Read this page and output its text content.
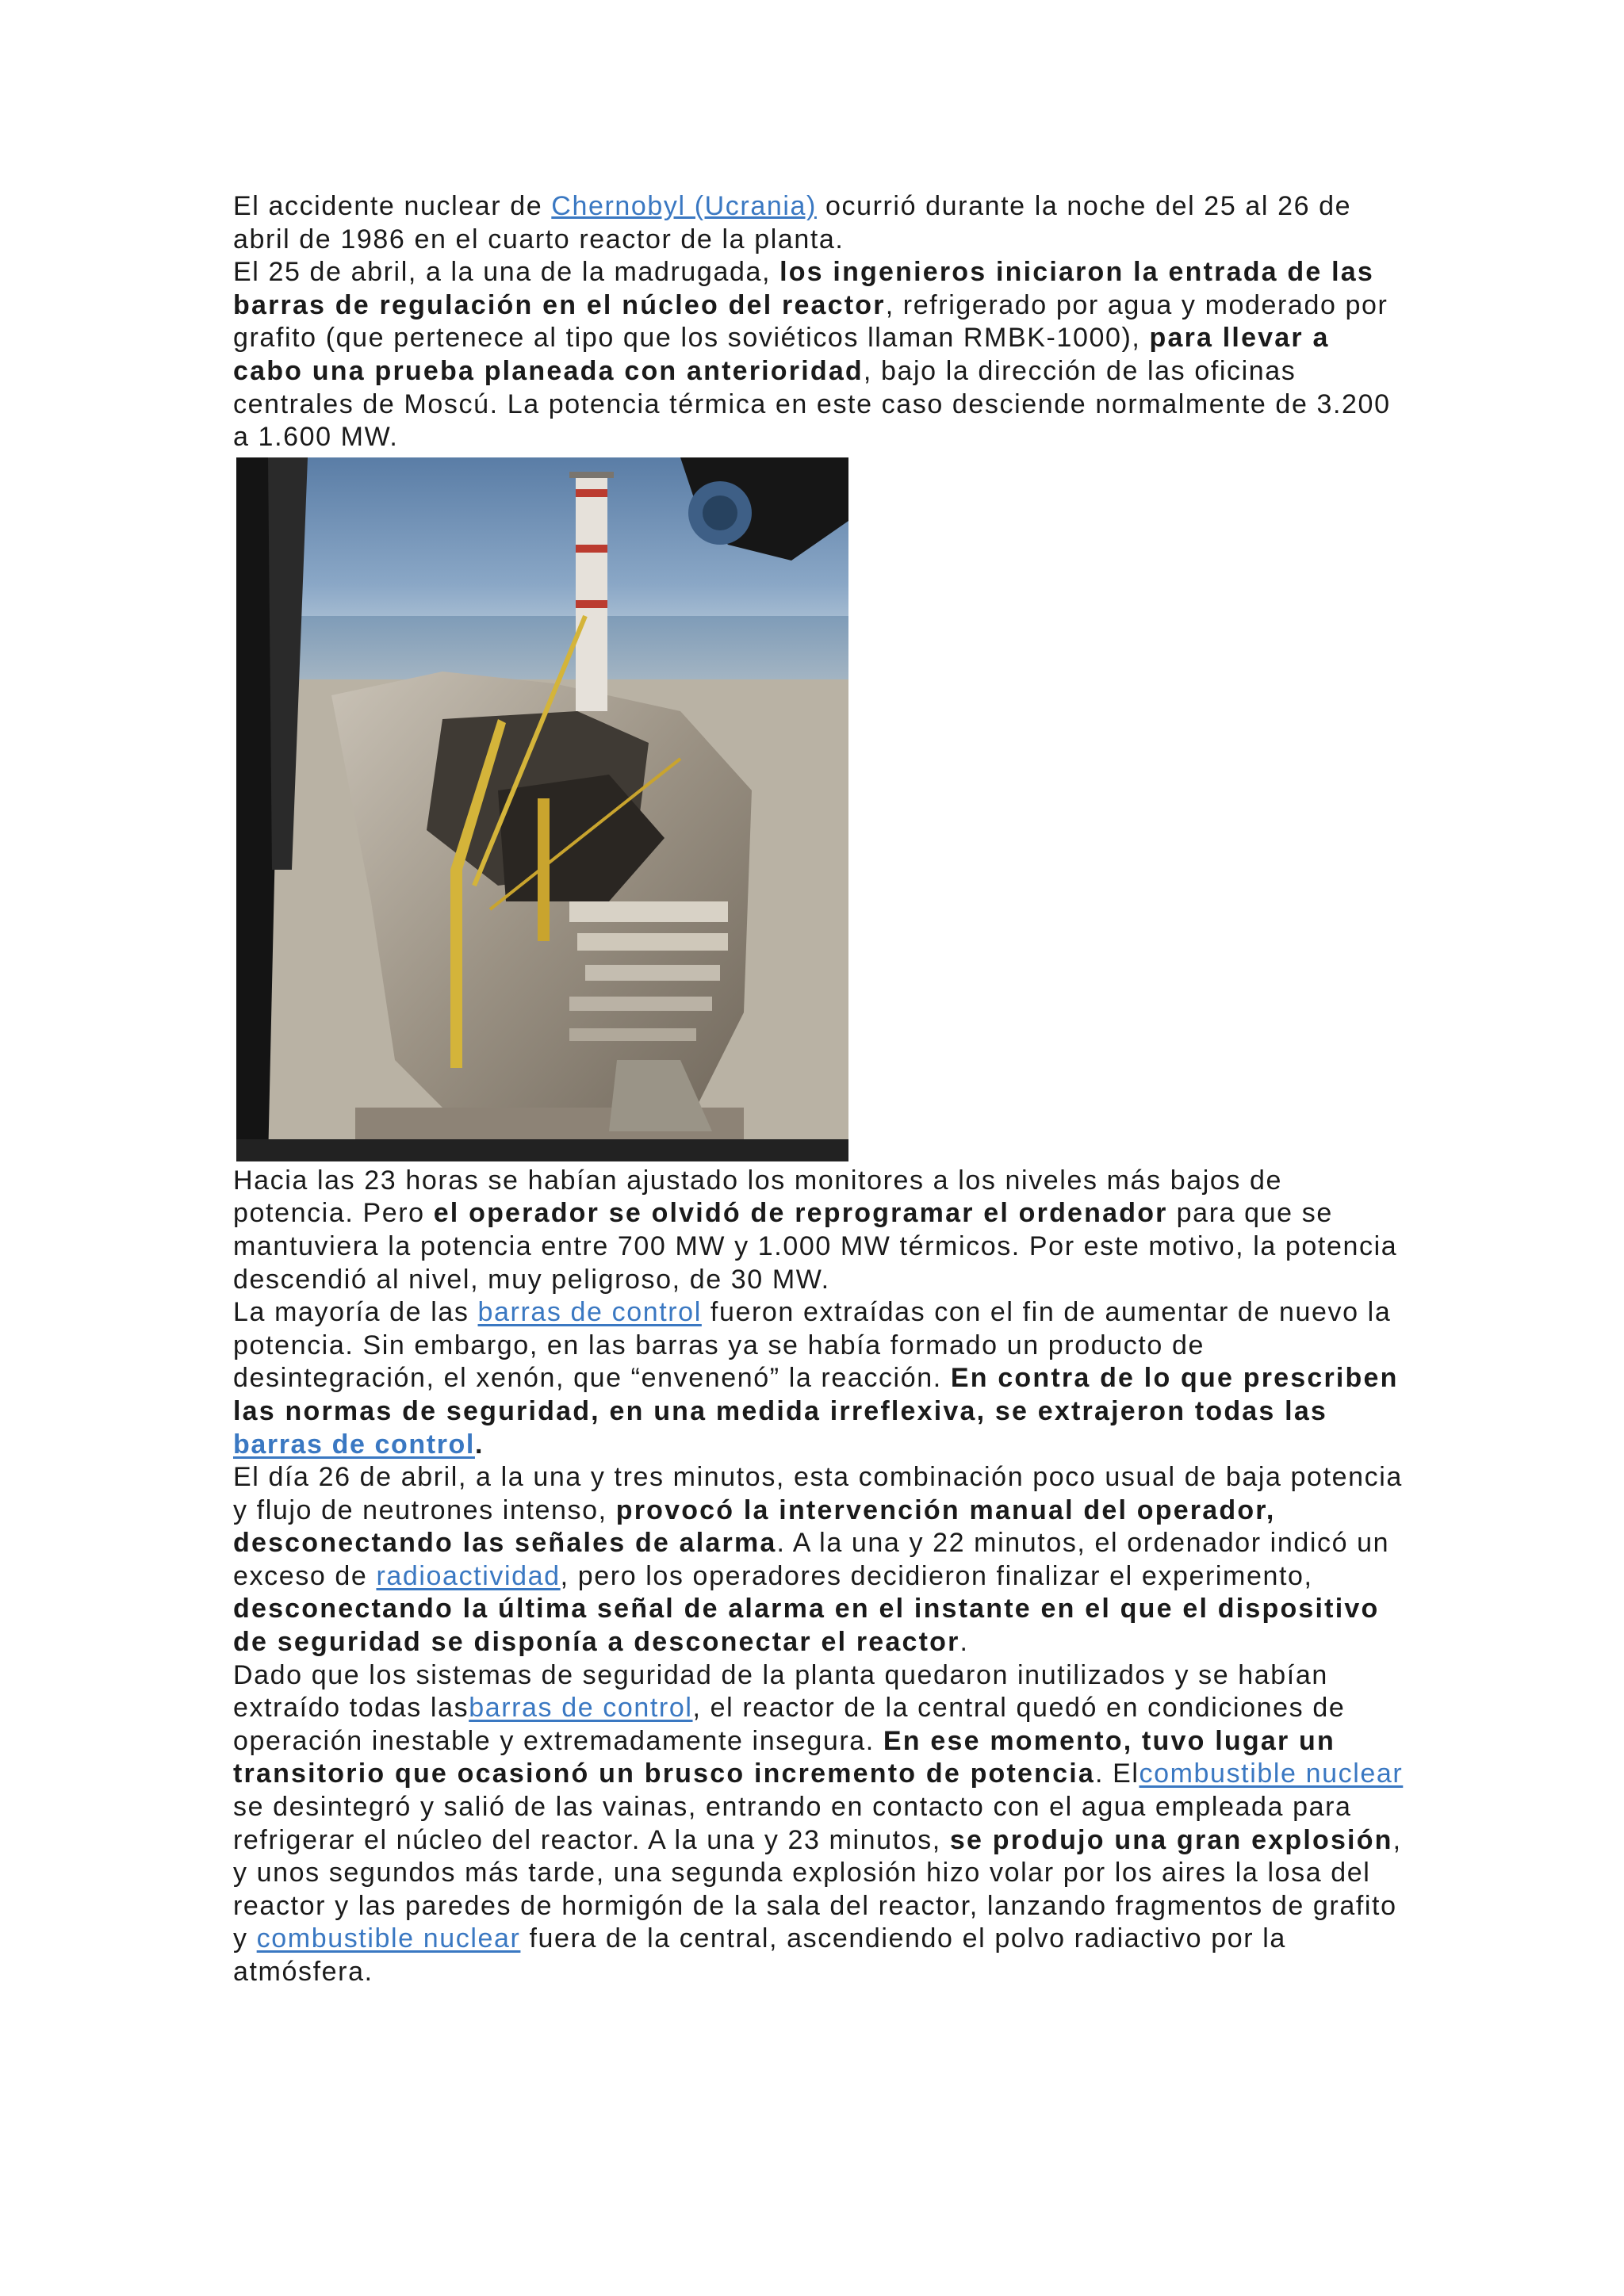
El accidente nuclear de Chernobyl (Ucrania) ocurrió durante la noche del 25 al 26 de abril de 1986 en el cuarto reactor de la planta.

El 25 de abril, a la una de la madrugada, los ingenieros iniciaron la entrada de las barras de regulación en el núcleo del reactor, refrigerado por agua y moderado por grafito (que pertenece al tipo que los soviéticos llaman RMBK-1000), para llevar a cabo una prueba planeada con anterioridad, bajo la dirección de las oficinas centrales de Moscú. La potencia térmica en este caso desciende normalmente de 3.200 a 1.600 MW.

Hacia las 23 horas se habían ajustado los monitores a los niveles más bajos de potencia. Pero el operador se olvidó de reprogramar el ordenador para que se mantuviera la potencia entre 700 MW y 1.000 MW térmicos. Por este motivo, la potencia descendió al nivel, muy peligroso, de 30 MW.

La mayoría de las barras de control fueron extraídas con el fin de aumentar de nuevo la potencia. Sin embargo, en las barras ya se había formado un producto de desintegración, el xenón, que “envenenó” la reacción. En contra de lo que prescriben las normas de seguridad, en una medida irreflexiva, se extrajeron todas las barras de control.

El día 26 de abril, a la una y tres minutos, esta combinación poco usual de baja potencia y flujo de neutrones intenso, provocó la intervención manual del operador, desconectando las señales de alarma. A la una y 22 minutos, el ordenador indicó un exceso de radioactividad, pero los operadores decidieron finalizar el experimento, desconectando la última señal de alarma en el instante en el que el dispositivo de seguridad se disponía a desconectar el reactor.

Dado que los sistemas de seguridad de la planta quedaron inutilizados y se habían extraído todas lasbarras de control, el reactor de la central quedó en condiciones de operación inestable y extremadamente insegura. En ese momento, tuvo lugar un transitorio que ocasionó un brusco incremento de potencia. Elcombustible nuclear se desintegró y salió de las vainas, entrando en contacto con el agua empleada para refrigerar el núcleo del reactor. A la una y 23 minutos, se produjo una gran explosión, y unos segundos más tarde, una segunda explosión hizo volar por los aires la losa del reactor y las paredes de hormigón de la sala del reactor, lanzando fragmentos de grafito y combustible nuclear fuera de la central, ascendiendo el polvo radiactivo por la atmósfera.
